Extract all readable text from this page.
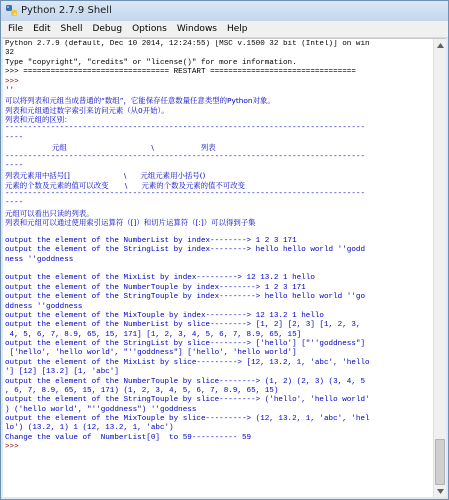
Python 2.7.9 Shell
File	Edit	Shell	Debug	Options	Windows	Help
Python 2.7.9 (default, Dec 10 2014, 12:24:55) [MSC v.1500 32 bit (Intel)] on win
32
Type "copyright", "credits" or "license()" for more information.
>>> ================================ RESTART ================================
>>>
''
可以将列表和元组当成普通的“数组”，它能保存任意数量任意类型的Python对象。
列表和元组通过数字索引来访问元素（从0开始）。
列表和元组的区别：
-------------------------------------------------------------------------------
----
元组                                    \                    列表
-------------------------------------------------------------------------------
----
列表元素用中括号[]                       \      元组元素用小括号()
元素的个数及元素的值可以改变       \      元素的个数及元素的值不可改变
-------------------------------------------------------------------------------
----
元组可以看出只读的列表。
列表和元组可以通过使用索引运算符（[]）和切片运算符（[:]）可以得到子集
output the element of the NumberList by index--------> 1 2 3 171
output the element of the StringList by index--------> hello hello world ''godd
ness ''goddness
output the element of the MixList by index---------> 12 13.2 1 hello
output the element of the NumberTouple by index--------> 1 2 3 171
output the element of the StringTouple by index--------> hello hello world ''go
ddness ''goddness
output the element of the MixTouple by index---------> 12 13.2 1 hello
output the element of the NumberList by slice--------> [1, 2] [2, 3] [1, 2, 3,
4, 5, 6, 7, 8.9, 65, 15, 171] [1, 2, 3, 4, 5, 6, 7, 8.9, 65, 15]
output the element of the StringList by slice--------> ['hello'] ["''goddness"]
['hello', 'hello world', "''goddness"] ['hello', 'hello world']
output the element of the MixList by slice---------> [12, 13.2, 1, 'abc', 'hello
'] [12] [13.2] [1, 'abc']
output the element of the NumberTouple by slice--------> (1, 2) (2, 3) (3, 4, 5
, 6, 7, 8.9, 65, 15, 171) (1, 2, 3, 4, 5, 6, 7, 8.9, 65, 15)
output the element of the StringTouple by slice--------> ('hello', 'hello world'
) ('hello world', "''goddness") ''goddness
output the element of the MixTouple by slice---------> (12, 13.2, 1, 'abc', 'hel
lo') (13.2, 1) 1 (12, 13.2, 1, 'abc')
Change the value of  NumberList[0]  to 59---------- 59
>>>
